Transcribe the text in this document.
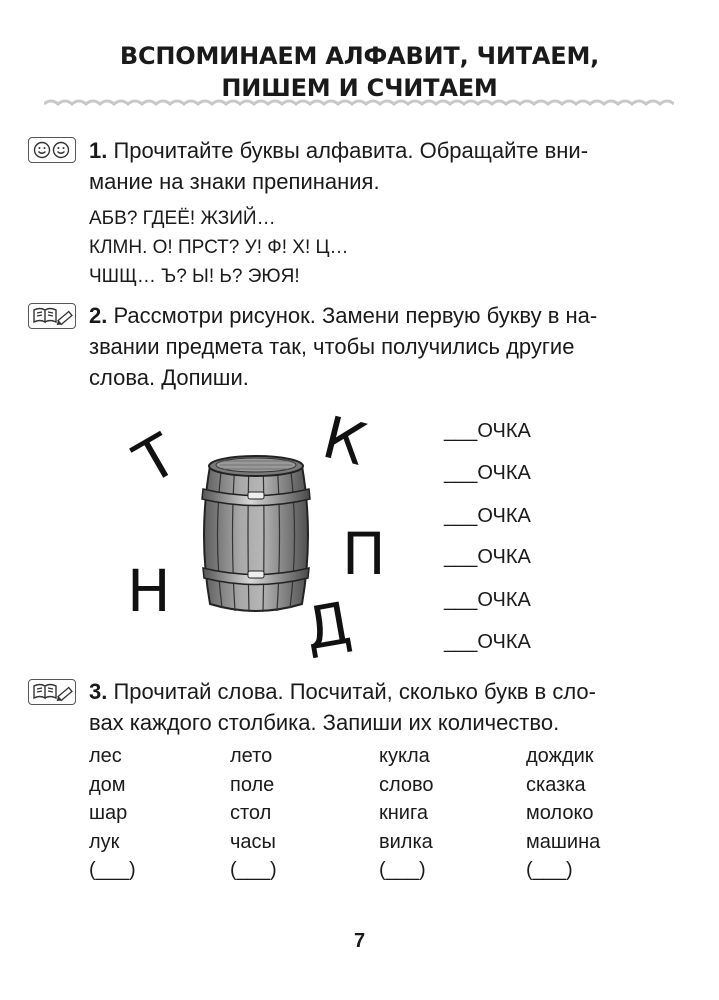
ВСПОМИНАЕМ АЛФАВИТ, ЧИТАЕМ,
ПИШЕМ И СЧИТАЕМ
1. Прочитайте буквы алфавита. Обращайте вни-
мание на знаки препинания.
АБВ? ГДЕЁ! ЖЗИЙ…
КЛМН. О! ПРСТ? У! Ф! Х! Ц…
ЧШЩ… Ъ? Ы! Ь? ЭЮЯ!
2. Рассмотри рисунок. Замени первую букву в на-
звании предмета так, чтобы получились другие
слова. Допиши.
Т К
П
Н Д
___ОЧКА
___ОЧКА
___ОЧКА
___ОЧКА
___ОЧКА
___ОЧКА
3. Прочитай слова. Посчитай, сколько букв в сло-
вах каждого столбика. Запиши их количество.
лес
дом
шар
лук
(___)
лето
поле
стол
часы
(___)
кукла
слово
книга
вилка
(___)
дождик
сказка
молоко
машина
(___)
7
